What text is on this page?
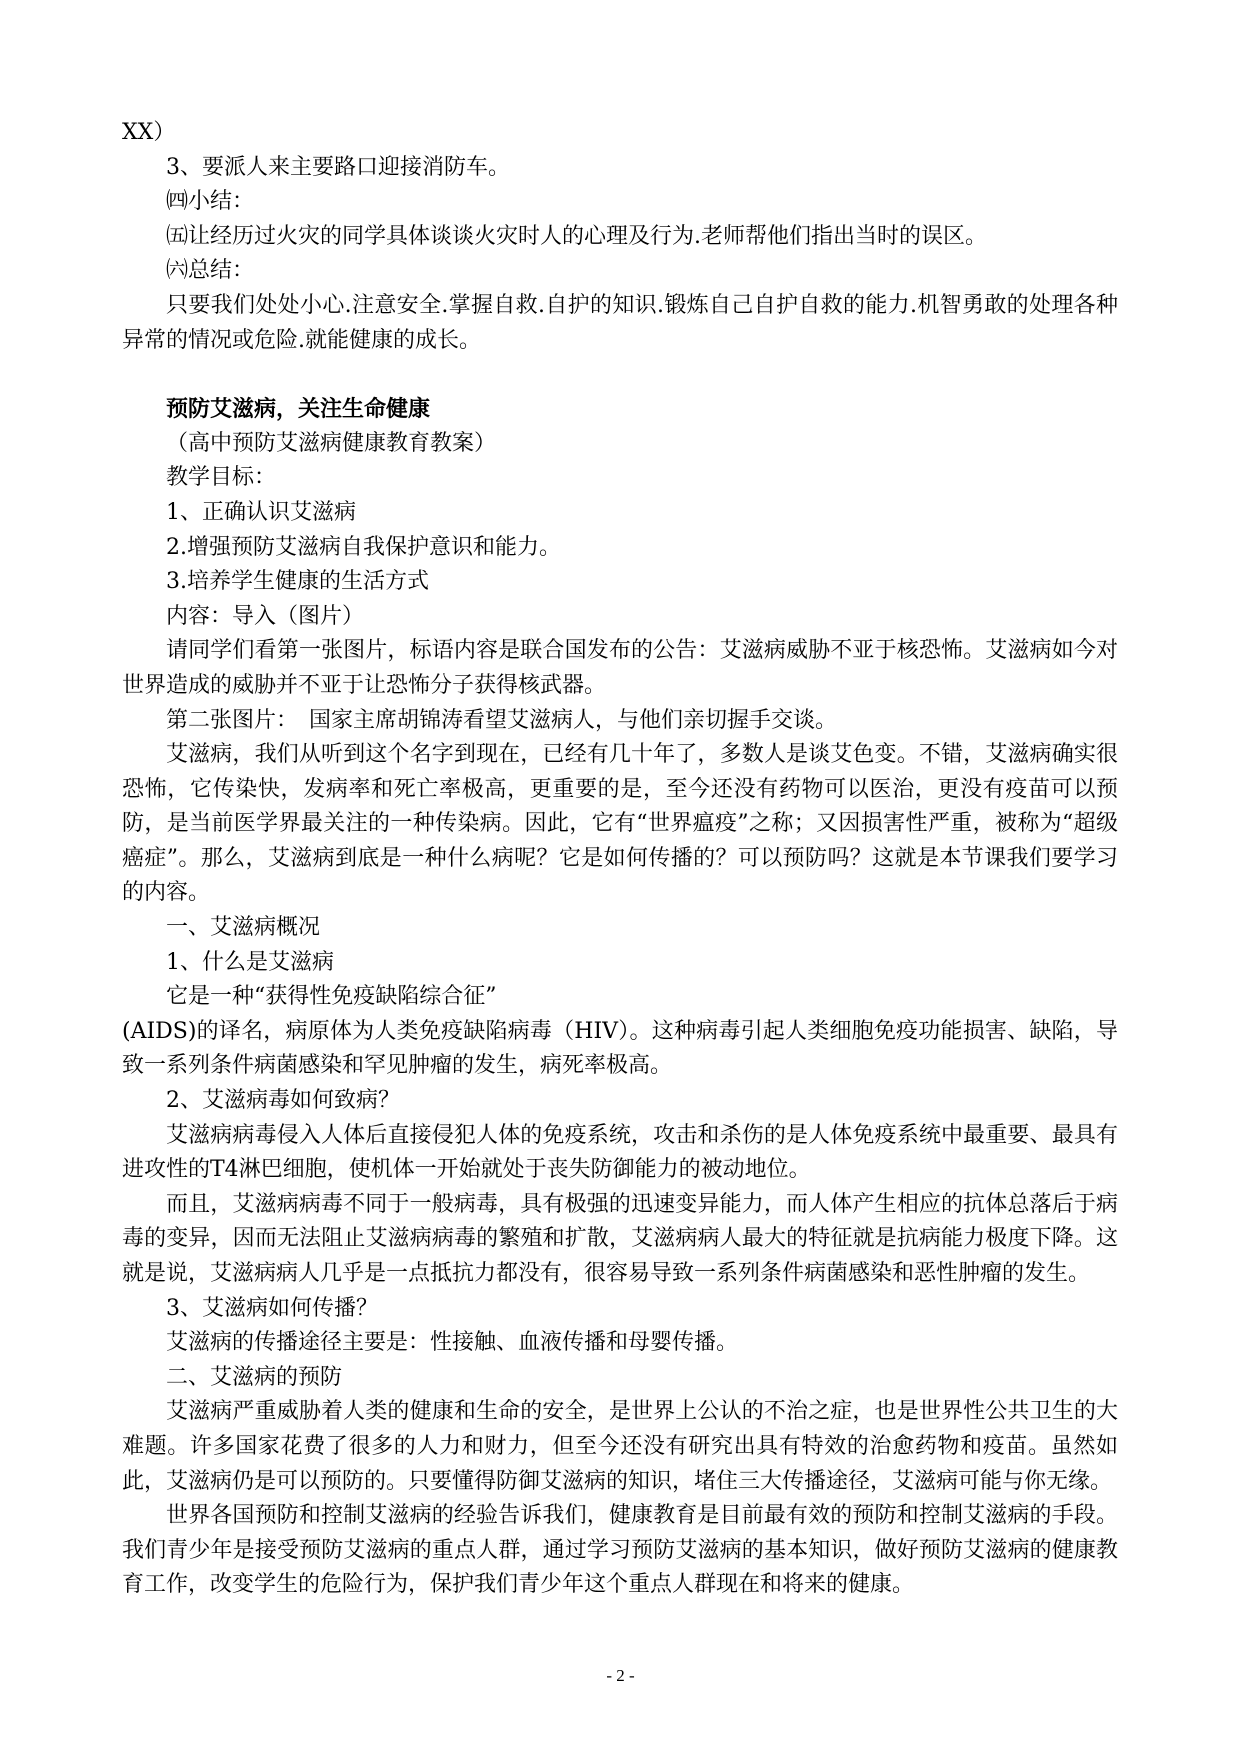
XX）

3、要派人来主要路口迎接消防车。

㈣小结：

㈤让经历过火灾的同学具体谈谈火灾时人的心理及行为.老师帮他们指出当时的误区。

㈥总结：

只要我们处处小心.注意安全.掌握自救.自护的知识.锻炼自己自护自救的能力.机智勇敢的处理各种异常的情况或危险.就能健康的成长。

预防艾滋病，关注生命健康

（高中预防艾滋病健康教育教案）

教学目标：

1、正确认识艾滋病

2.增强预防艾滋病自我保护意识和能力。

3.培养学生健康的生活方式

内容：导入（图片）

请同学们看第一张图片，标语内容是联合国发布的公告：艾滋病威胁不亚于核恐怖。艾滋病如今对世界造成的威胁并不亚于让恐怖分子获得核武器。

第二张图片：　国家主席胡锦涛看望艾滋病人，与他们亲切握手交谈。

艾滋病，我们从听到这个名字到现在，已经有几十年了，多数人是谈艾色变。不错，艾滋病确实很恐怖，它传染快，发病率和死亡率极高，更重要的是，至今还没有药物可以医治，更没有疫苗可以预防，是当前医学界最关注的一种传染病。因此，它有“世界瘟疫”之称；又因损害性严重，被称为“超级癌症”。那么，艾滋病到底是一种什么病呢？它是如何传播的？可以预防吗？这就是本节课我们要学习的内容。

一、艾滋病概况

1、什么是艾滋病

它是一种“获得性免疫缺陷综合征”

(AIDS)的译名，病原体为人类免疫缺陷病毒（HIV）。这种病毒引起人类细胞免疫功能损害、缺陷，导致一系列条件病菌感染和罕见肿瘤的发生，病死率极高。

2、艾滋病毒如何致病？

艾滋病病毒侵入人体后直接侵犯人体的免疫系统，攻击和杀伤的是人体免疫系统中最重要、最具有进攻性的T4淋巴细胞，使机体一开始就处于丧失防御能力的被动地位。

而且，艾滋病病毒不同于一般病毒，具有极强的迅速变异能力，而人体产生相应的抗体总落后于病毒的变异，因而无法阻止艾滋病病毒的繁殖和扩散，艾滋病病人最大的特征就是抗病能力极度下降。这就是说，艾滋病病人几乎是一点抵抗力都没有，很容易导致一系列条件病菌感染和恶性肿瘤的发生。

3、艾滋病如何传播？

艾滋病的传播途径主要是：性接触、血液传播和母婴传播。

二、艾滋病的预防

艾滋病严重威胁着人类的健康和生命的安全，是世界上公认的不治之症，也是世界性公共卫生的大难题。许多国家花费了很多的人力和财力，但至今还没有研究出具有特效的治愈药物和疫苗。虽然如此，艾滋病仍是可以预防的。只要懂得防御艾滋病的知识，堵住三大传播途径，艾滋病可能与你无缘。

世界各国预防和控制艾滋病的经验告诉我们，健康教育是目前最有效的预防和控制艾滋病的手段。我们青少年是接受预防艾滋病的重点人群，通过学习预防艾滋病的基本知识，做好预防艾滋病的健康教育工作，改变学生的危险行为，保护我们青少年这个重点人群现在和将来的健康。

- 2 -
